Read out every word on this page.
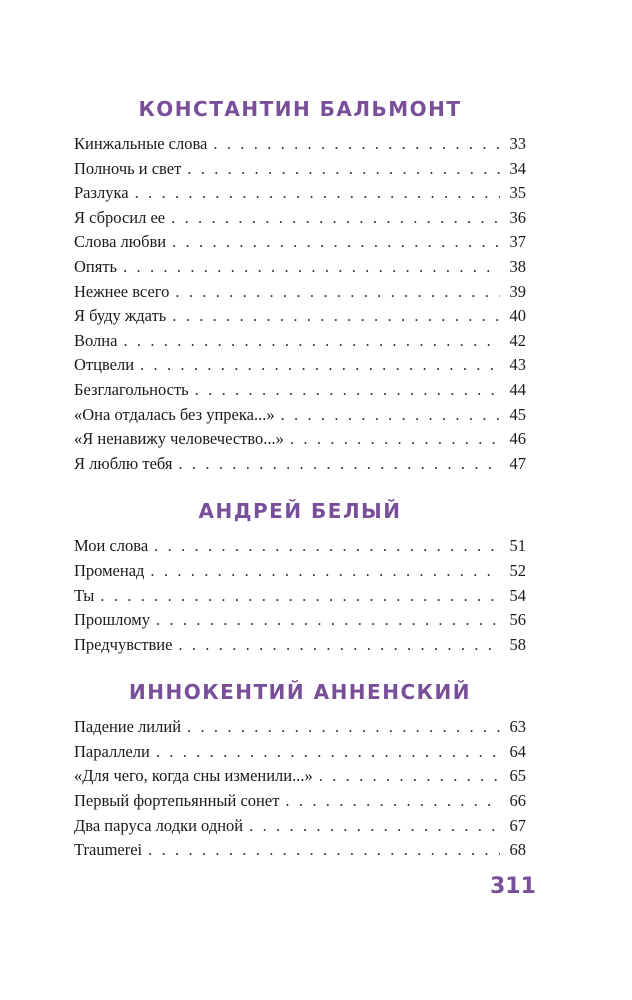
КОНСТАНТИН БАЛЬМОНТ
Кинжальные слова . . .	33
Полночь и свет . . .	34
Разлука . . .	35
Я сбросил ее . . .	36
Слова любви . . .	37
Опять . . .	38
Нежнее всего . . .	39
Я буду ждать . . .	40
Волна . . .	42
Отцвели . . .	43
Безглагольность . . .	44
«Она отдалась без упрека...» . . .	45
«Я ненавижу человечество...» . . .	46
Я люблю тебя . . .	47
АНДРЕЙ БЕЛЫЙ
Мои слова . . .	51
Променад . . .	52
Ты . . .	54
Прошлому . . .	56
Предчувствие . . .	58
ИННОКЕНТИЙ АННЕНСКИЙ
Падение лилий . . .	63
Параллели . . .	64
«Для чего, когда сны изменили...» . . .	65
Первый фортепьянный сонет . . .	66
Два паруса лодки одной . . .	67
Traumerei . . .	68
311
